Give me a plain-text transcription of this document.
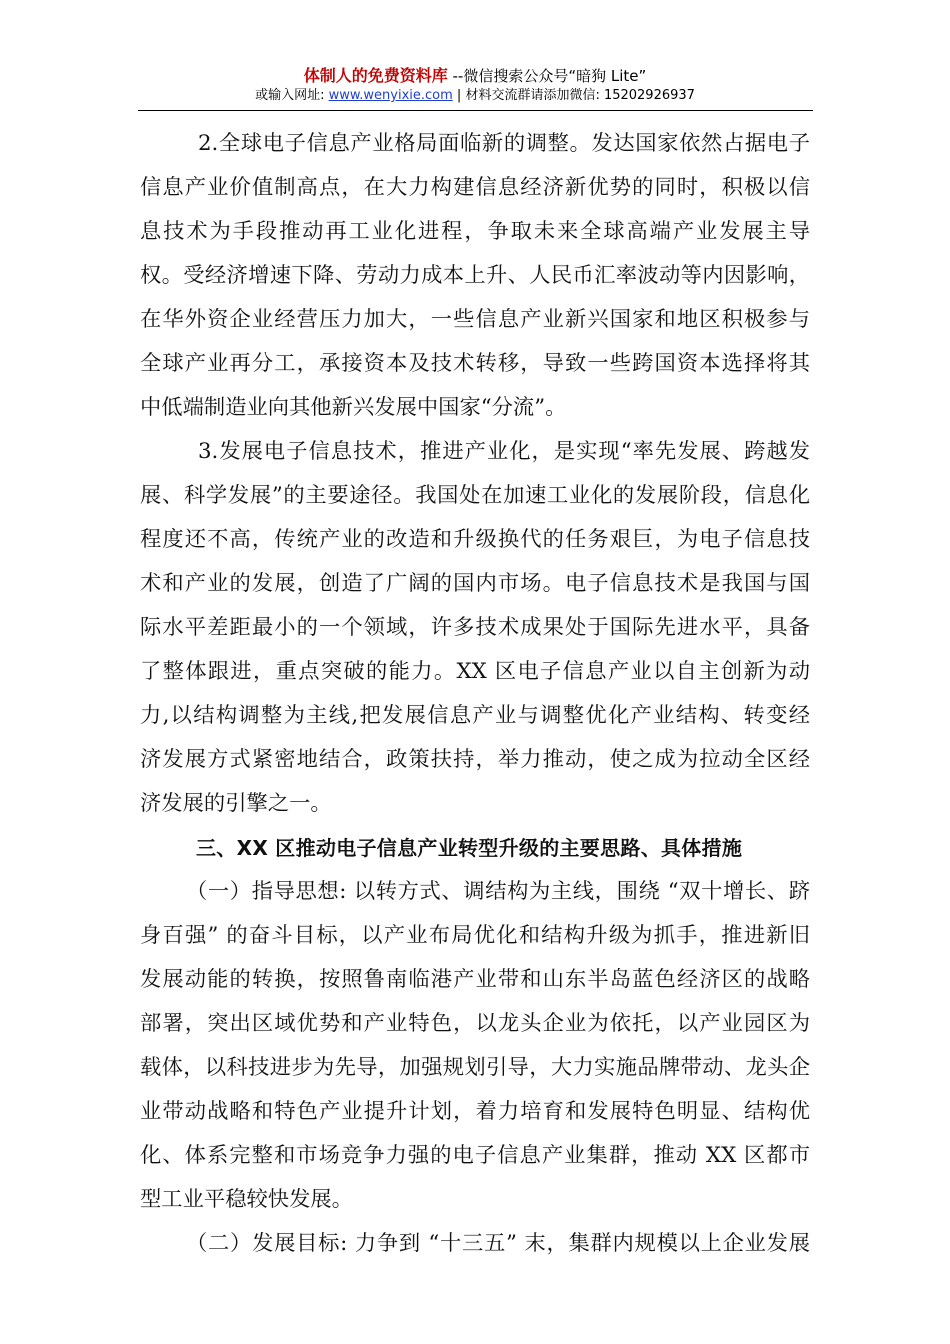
体制人的免费资料库 --微信搜索公众号“暗狗 Lite”
或输入网址: www.wenyixie.com | 材料交流群请添加微信: 15202926937
2.全球电子信息产业格局面临新的调整。发达国家依然占据电子
信息产业价值制高点，在大力构建信息经济新优势的同时，积极以信
息技术为手段推动再工业化进程，争取未来全球高端产业发展主导
权。受经济增速下降、劳动力成本上升、人民币汇率波动等内因影响，
在华外资企业经营压力加大，一些信息产业新兴国家和地区积极参与
全球产业再分工，承接资本及技术转移，导致一些跨国资本选择将其
中低端制造业向其他新兴发展中国家“分流”。
3.发展电子信息技术，推进产业化，是实现“率先发展、跨越发
展、科学发展”的主要途径。我国处在加速工业化的发展阶段，信息化
程度还不高，传统产业的改造和升级换代的任务艰巨，为电子信息技
术和产业的发展，创造了广阔的国内市场。电子信息技术是我国与国
际水平差距最小的一个领域，许多技术成果处于国际先进水平，具备
了整体跟进，重点突破的能力。XX 区电子信息产业以自主创新为动
力,以结构调整为主线,把发展信息产业与调整优化产业结构、转变经
济发展方式紧密地结合，政策扶持，举力推动，使之成为拉动全区经
济发展的引擎之一。
三、XX 区推动电子信息产业转型升级的主要思路、具体措施
（一）指导思想: 以转方式、调结构为主线，围绕 “双十增长、跻
身百强” 的奋斗目标，以产业布局优化和结构升级为抓手，推进新旧
发展动能的转换，按照鲁南临港产业带和山东半岛蓝色经济区的战略
部署，突出区域优势和产业特色，以龙头企业为依托，以产业园区为
载体，以科技进步为先导，加强规划引导，大力实施品牌带动、龙头企
业带动战略和特色产业提升计划，着力培育和发展特色明显、结构优
化、体系完整和市场竞争力强的电子信息产业集群，推动 XX 区都市
型工业平稳较快发展。
（二）发展目标: 力争到 “十三五” 末，集群内规模以上企业发展
